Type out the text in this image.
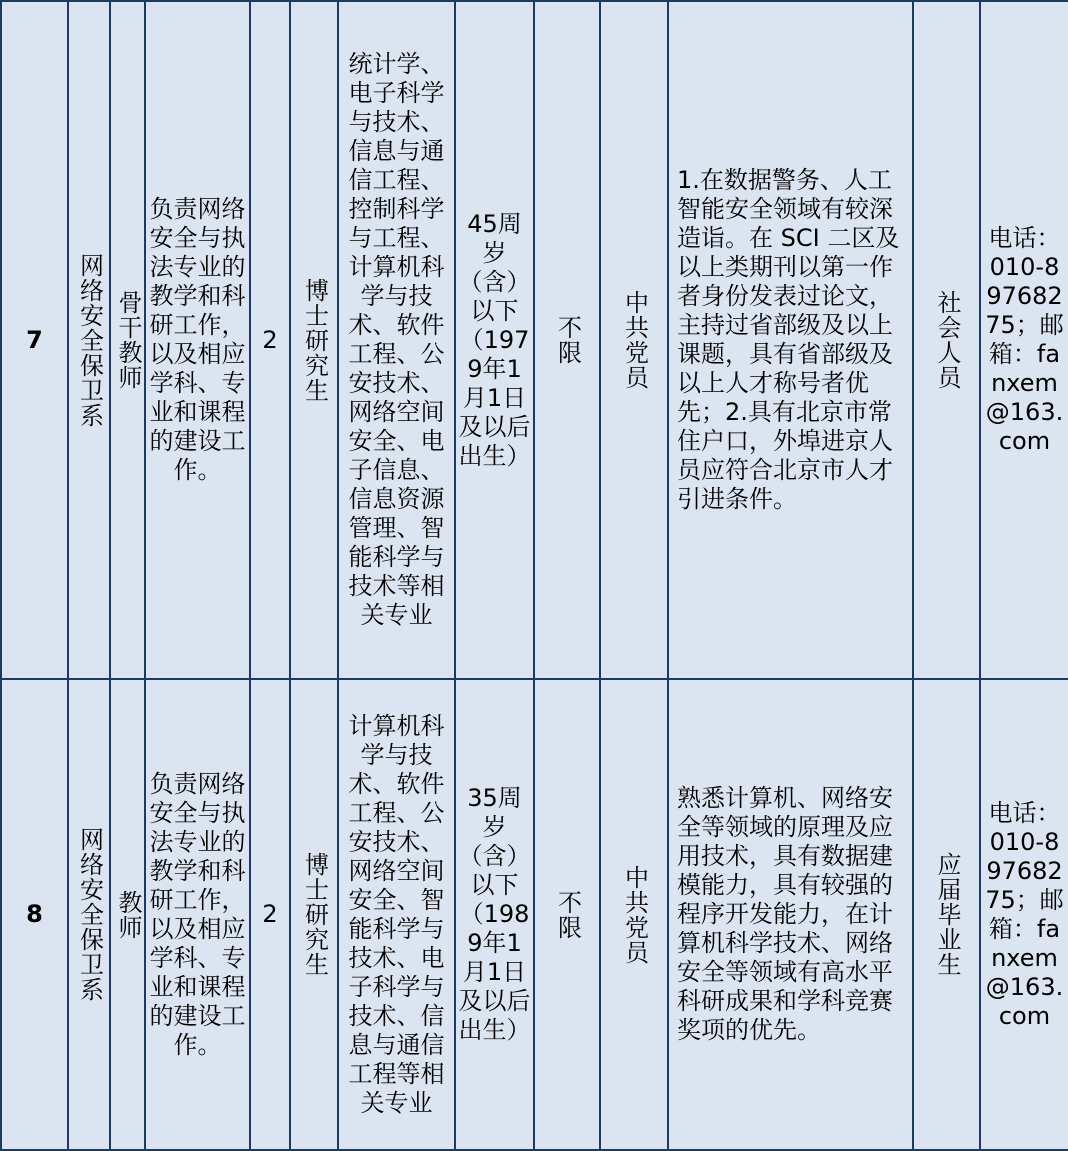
7	网络安全保卫系	骨干教师	负责网络安全与执法专业的教学和科研工作，以及相应学科、专业和课程的建设工作。	2	博士研究生	统计学、电子科学与技术、信息与通信工程、控制科学与工程、计算机科学与技术、软件工程、公安技术、网络空间安全、电子信息、信息资源管理、智能科学与技术等相关专业	45周岁（含）以下（1979年1月1日及以后出生）	不限	中共党员	1.在数据警务、人工智能安全领域有较深造诣。在 SCI 二区及以上类期刊以第一作者身份发表过论文，主持过省部级及以上课题，具有省部级及以上人才称号者优先；2.具有北京市常住户口，外埠进京人员应符合北京市人才引进条件。	社会人员	电话：010-89768275；邮箱：fanxem@163.com
8	网络安全保卫系	教师	负责网络安全与执法专业的教学和科研工作，以及相应学科、专业和课程的建设工作。	2	博士研究生	计算机科学与技术、软件工程、公安技术、网络空间安全、智能科学与技术、电子科学与技术、信息与通信工程等相关专业	35周岁（含）以下（1989年1月1日及以后出生）	不限	中共党员	熟悉计算机、网络安全等领域的原理及应用技术，具有数据建模能力，具有较强的程序开发能力，在计算机科学技术、网络安全等领域有高水平科研成果和学科竞赛奖项的优先。	应届毕业生	电话：010-89768275；邮箱：fanxem@163.com
